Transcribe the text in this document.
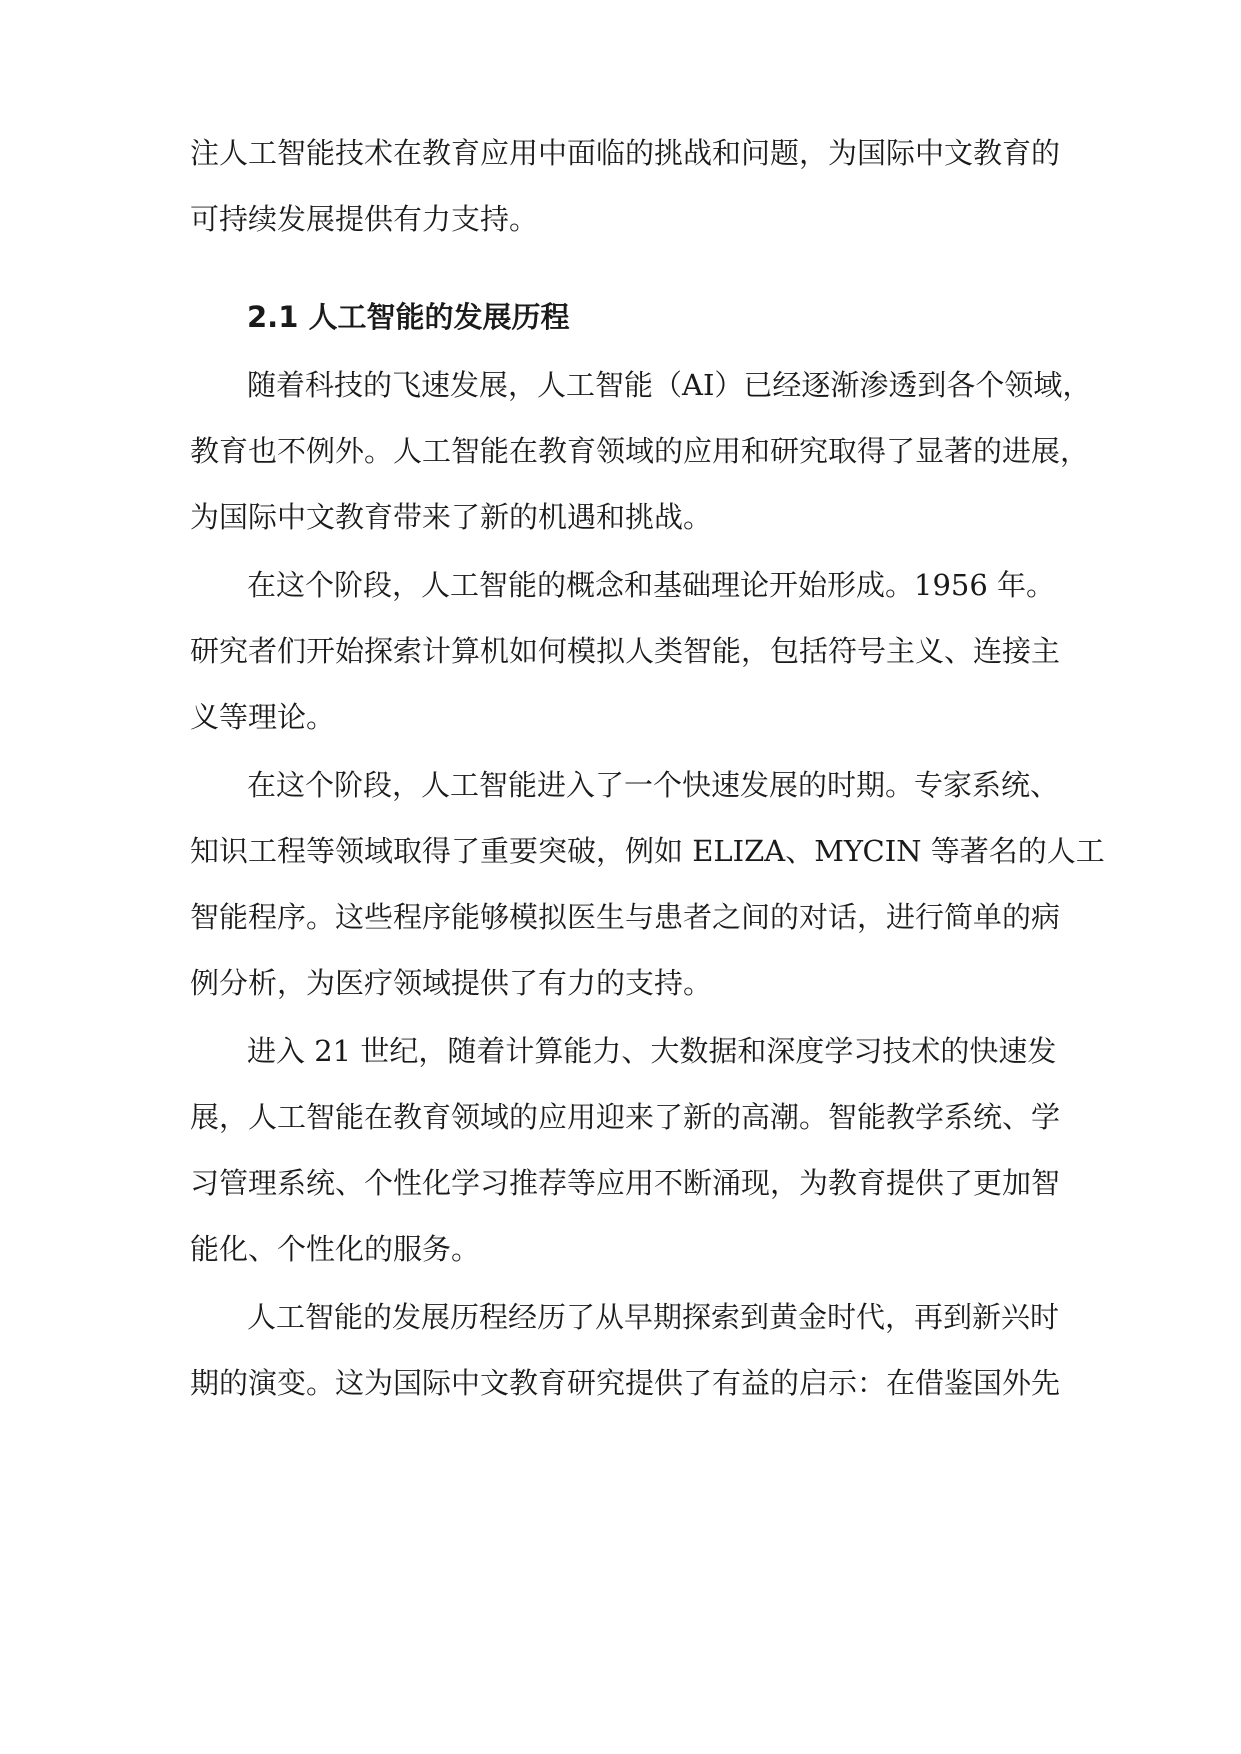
注人工智能技术在教育应用中面临的挑战和问题，为国际中文教育的
可持续发展提供有力支持。
2.1 人工智能的发展历程
随着科技的飞速发展，人工智能（AI）已经逐渐渗透到各个领域，
教育也不例外。人工智能在教育领域的应用和研究取得了显著的进展，
为国际中文教育带来了新的机遇和挑战。
在这个阶段，人工智能的概念和基础理论开始形成。1956 年。
研究者们开始探索计算机如何模拟人类智能，包括符号主义、连接主
义等理论。
在这个阶段，人工智能进入了一个快速发展的时期。专家系统、
知识工程等领域取得了重要突破，例如 ELIZA、MYCIN 等著名的人工
智能程序。这些程序能够模拟医生与患者之间的对话，进行简单的病
例分析，为医疗领域提供了有力的支持。
进入 21 世纪，随着计算能力、大数据和深度学习技术的快速发
展，人工智能在教育领域的应用迎来了新的高潮。智能教学系统、学
习管理系统、个性化学习推荐等应用不断涌现，为教育提供了更加智
能化、个性化的服务。
人工智能的发展历程经历了从早期探索到黄金时代，再到新兴时
期的演变。这为国际中文教育研究提供了有益的启示：在借鉴国外先
